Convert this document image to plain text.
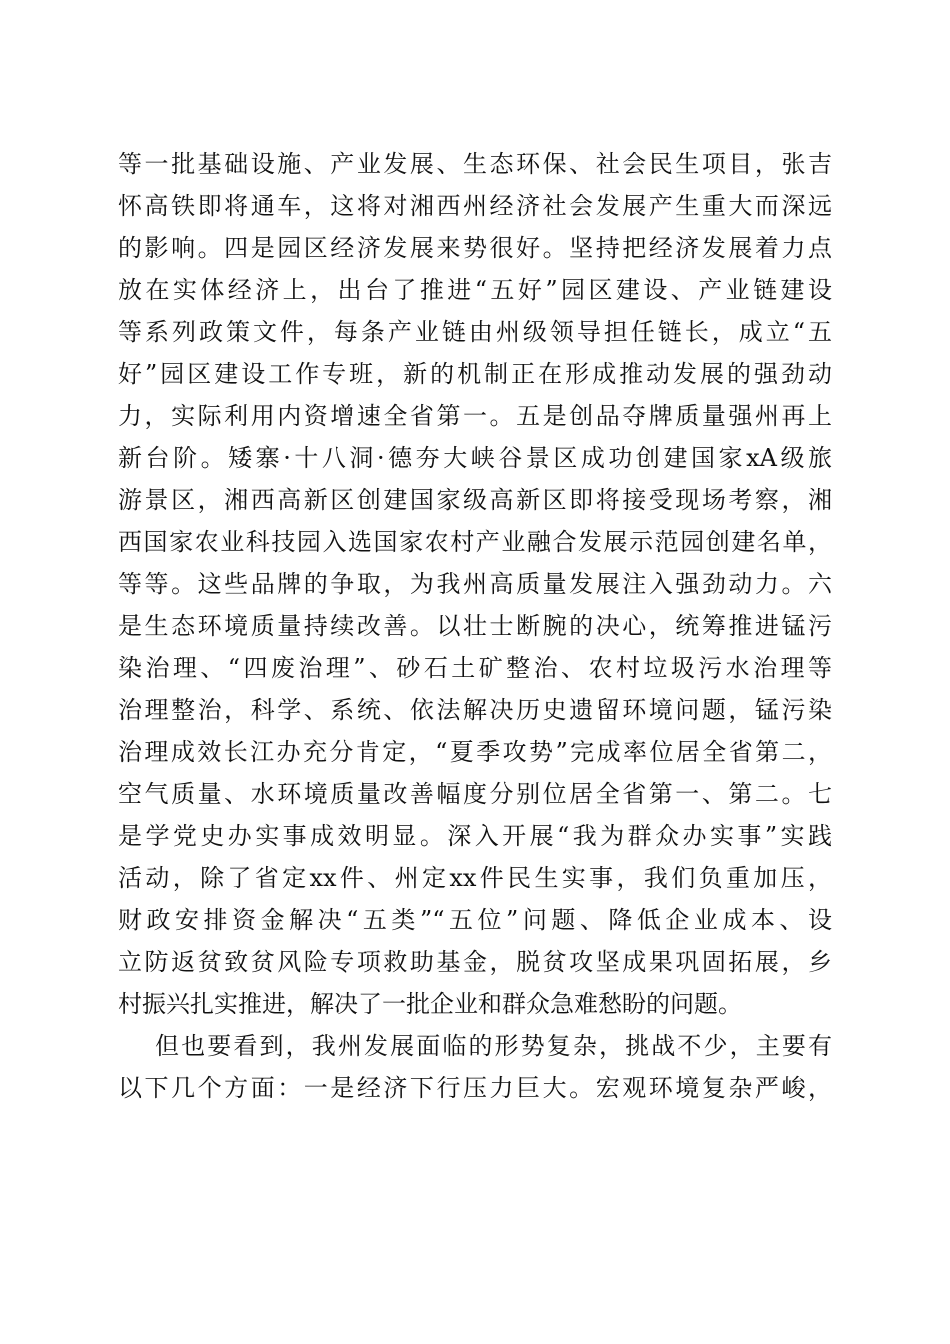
等一批基础设施、产业发展、生态环保、社会民生项目，张吉
怀高铁即将通车，这将对湘西州经济社会发展产生重大而深远
的影响。四是园区经济发展来势很好。坚持把经济发展着力点
放在实体经济上，出台了推进“五好”园区建设、产业链建设
等系列政策文件，每条产业链由州级领导担任链长，成立“五
好”园区建设工作专班，新的机制正在形成推动发展的强劲动
力，实际利用内资增速全省第一。五是创品夺牌质量强州再上
新台阶。矮寨·十八洞·德夯大峡谷景区成功创建国家xA级旅
游景区，湘西高新区创建国家级高新区即将接受现场考察，湘
西国家农业科技园入选国家农村产业融合发展示范园创建名单，
等等。这些品牌的争取，为我州高质量发展注入强劲动力。六
是生态环境质量持续改善。以壮士断腕的决心，统筹推进锰污
染治理、“四废治理”、砂石土矿整治、农村垃圾污水治理等
治理整治，科学、系统、依法解决历史遗留环境问题，锰污染
治理成效长江办充分肯定，“夏季攻势”完成率位居全省第二，
空气质量、水环境质量改善幅度分别位居全省第一、第二。七
是学党史办实事成效明显。深入开展“我为群众办实事”实践
活动，除了省定xx件、州定xx件民生实事，我们负重加压，
财政安排资金解决“五类”“五位”问题、降低企业成本、设
立防返贫致贫风险专项救助基金，脱贫攻坚成果巩固拓展，乡
村振兴扎实推进，解决了一批企业和群众急难愁盼的问题。
但也要看到，我州发展面临的形势复杂，挑战不少，主要有
以下几个方面：一是经济下行压力巨大。宏观环境复杂严峻，
